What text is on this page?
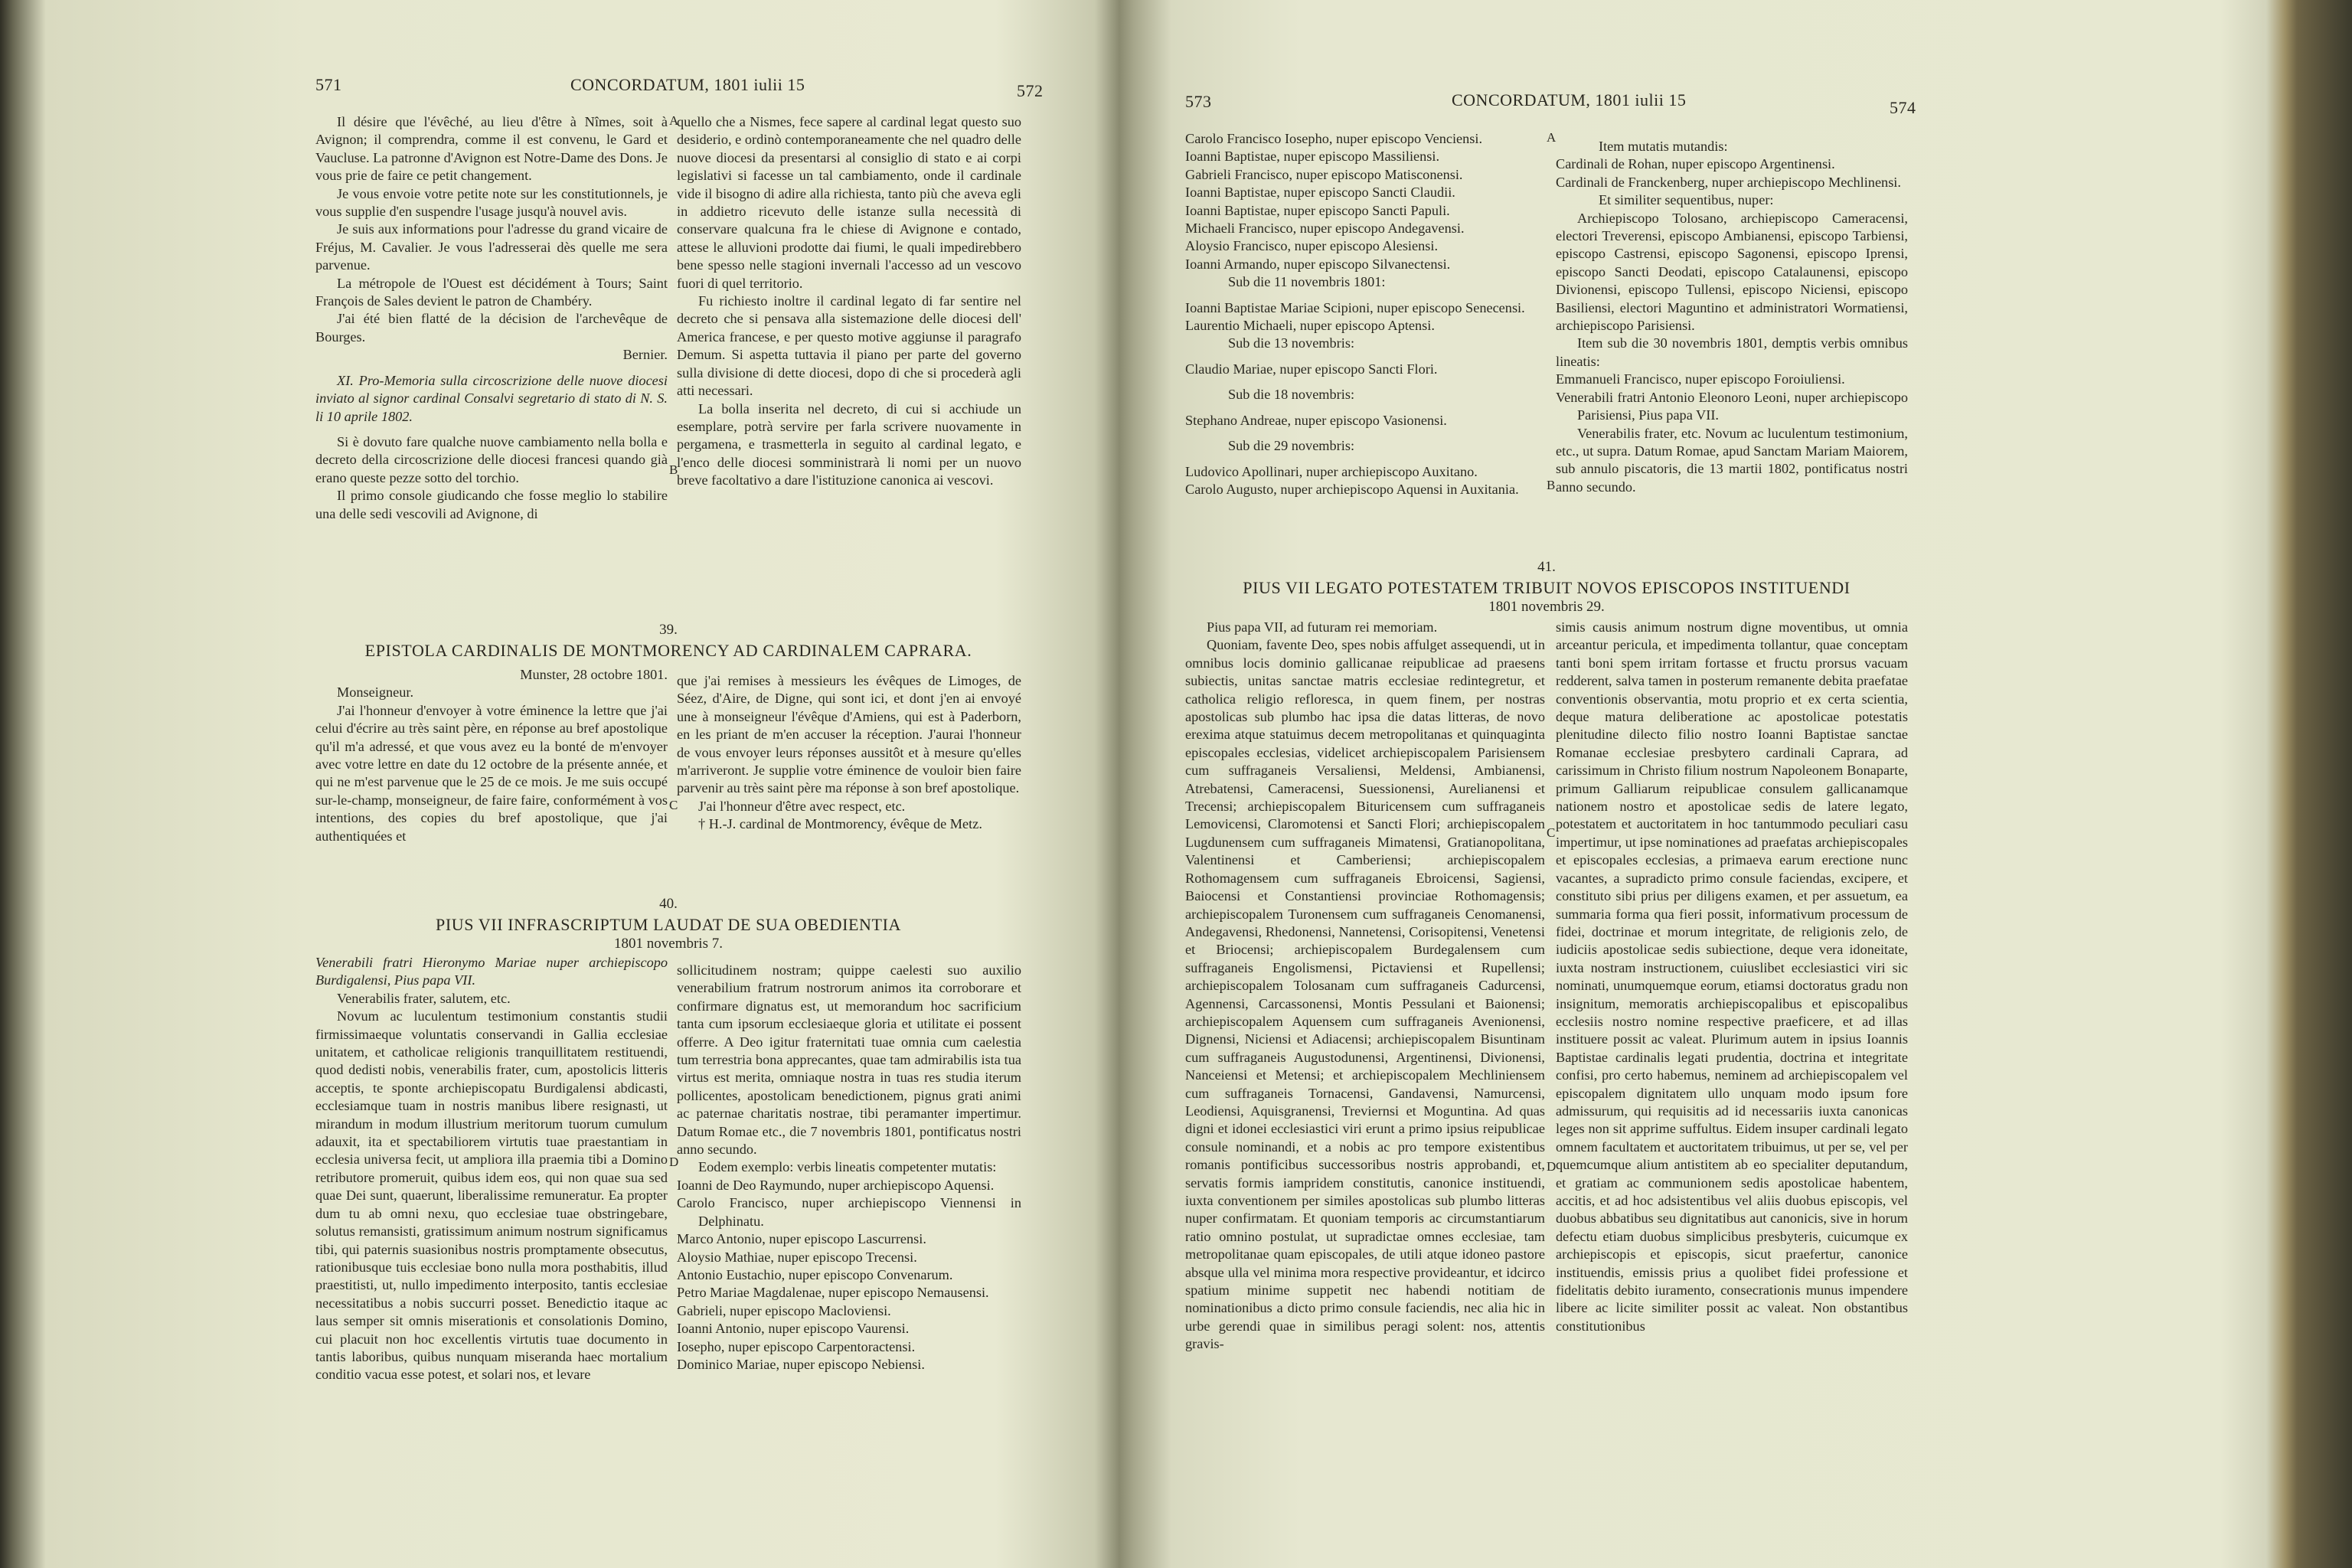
571	CONCORDATUM, 1801 iulii 15	572

Il désire que l'évêché, au lieu d'être à Nîmes, soit à Avignon; il comprendra, comme il est convenu, le Gard et Vaucluse. La patronne d'Avignon est Notre-Dame des Dons. Je vous prie de faire ce petit changement.

Je vous envoie votre petite note sur les constitutionnels, je vous supplie d'en suspendre l'usage jusqu'à nouvel avis.

Je suis aux informations pour l'adresse du grand vicaire de Fréjus, M. Cavalier. Je vous l'adresserai dès quelle me sera parvenue.

La métropole de l'Ouest est décidément à Tours; Saint François de Sales devient le patron de Chambéry.

J'ai été bien flatté de la décision de l'archevêque de Bourges.

Bernier.

XI. Pro-Memoria sulla circoscrizione delle nuove diocesi inviato al signor cardinal Consalvi segretario di stato di N. S. li 10 aprile 1802.

Si è dovuto fare qualche nuove cambiamento nella bolla e decreto della circoscrizione delle diocesi francesi quando già erano queste pezze sotto del torchio.

Il primo console giudicando che fosse meglio lo stabilire una delle sedi vescovili ad Avignone, di

quello che a Nismes, fece sapere al cardinal legat questo suo desiderio, e ordinò contemporaneamente che nel quadro delle nuove diocesi da presentarsi al consiglio di stato e ai corpi legislativi si facesse un tal cambiamento, onde il cardinale vide il bisogno di adire alla richiesta, tanto più che aveva egli in addietro ricevuto delle istanze sulla necessità di conservare qualcuna fra le chiese di Avignone e contado, attese le alluvioni prodotte dai fiumi, le quali impedirebbero bene spesso nelle stagioni invernali l'accesso ad un vescovo fuori di quel territorio.

Fu richiesto inoltre il cardinal legato di far sentire nel decreto che si pensava alla sistemazione delle diocesi dell' America francese, e per questo motive aggiunse il paragrafo Demum. Si aspetta tuttavia il piano per parte del governo sulla divisione di dette diocesi, dopo di che si procederà agli atti necessari.

La bolla inserita nel decreto, di cui si acchiude un esemplare, potrà servire per farla scrivere nuovamente in pergamena, e trasmetterla in seguito al cardinal legato, e l'enco delle diocesi somministrarà li nomi per un nuovo breve facoltativo a dare l'istituzione canonica ai vescovi.

39.
EPISTOLA CARDINALIS DE MONTMORENCY AD CARDINALEM CAPRARA.

Munster, 28 octobre 1801.

Monseigneur.

J'ai l'honneur d'envoyer à votre éminence la lettre que j'ai celui d'écrire au très saint père, en réponse au bref apostolique qu'il m'a adressé, et que vous avez eu la bonté de m'envoyer avec votre lettre en date du 12 octobre de la présente année, et qui ne m'est parvenue que le 25 de ce mois. Je me suis occupé sur-le-champ, monseigneur, de faire faire, conformément à vos intentions, des copies du bref apostolique, que j'ai authentiquées et

que j'ai remises à messieurs les évêques de Limoges, de Séez, d'Aire, de Digne, qui sont ici, et dont j'en ai envoyé une à monseigneur l'évêque d'Amiens, qui est à Paderborn, en les priant de m'en accuser la réception. J'aurai l'honneur de vous envoyer leurs réponses aussitôt et à mesure qu'elles m'arriveront. Je supplie votre éminence de vouloir bien faire parvenir au très saint père ma réponse à son bref apostolique.

J'ai l'honneur d'être avec respect, etc.

† H.-J. cardinal de Montmorency, évêque de Metz.

40.
PIUS VII INFRASCRIPTUM LAUDAT DE SUA OBEDIENTIA
1801 novembris 7.

Venerabili fratri Hieronymo Mariae nuper archiepiscopo Burdigalensi, Pius papa VII.

Venerabilis frater, salutem, etc.

Novum ac luculentum testimonium constantis studii firmissimaeque voluntatis conservandi in Gallia ecclesiae unitatem, et catholicae religionis tranquillitatem restituendi, quod dedisti nobis, venerabilis frater, cum, apostolicis litteris acceptis, te sponte archiepiscopatu Burdigalensi abdicasti, ecclesiamque tuam in nostris manibus libere resignasti, ut mirandum in modum illustrium meritorum tuorum cumulum adauxit, ita et spectabiliorem virtutis tuae praestantiam in ecclesia universa fecit, ut ampliora illa praemia tibi a Domino retributore promeruit, quibus idem eos, qui non quae sua sed quae Dei sunt, quaerunt, liberalissime remuneratur. Ea propter dum tu ab omni nexu, quo ecclesiae tuae obstringebare, solutus remansisti, gratissimum animum nostrum significamus tibi, qui paternis suasionibus nostris promptamente obsecutus, rationibusque tuis ecclesiae bono nulla mora posthabitis, illud praestitisti, ut, nullo impedimento interposito, tantis ecclesiae necessitatibus a nobis succurri posset. Benedictio itaque ac laus semper sit omnis miserationis et consolationis Domino, cui placuit non hoc excellentis virtutis tuae documento in tantis laboribus, quibus nunquam miseranda haec mortalium conditio vacua esse potest, et solari nos, et levare

sollicitudinem nostram; quippe caelesti suo auxilio venerabilium fratrum nostrorum animos ita corroborare et confirmare dignatus est, ut memorandum hoc sacrificium tanta cum ipsorum ecclesiaeque gloria et utilitate ei possent offerre. A Deo igitur fraternitati tuae omnia cum caelestia tum terrestria bona apprecantes, quae tam admirabilis ista tua virtus est merita, omniaque nostra in tuas res studia iterum pollicentes, apostolicam benedictionem, pignus grati animi ac paternae charitatis nostrae, tibi peramanter impertimur. Datum Romae etc., die 7 novembris 1801, pontificatus nostri anno secundo.

Eodem exemplo: verbis lineatis competenter mutatis:

Ioanni de Deo Raymundo, nuper archiepiscopo Aquensi.

Carolo Francisco, nuper archiepiscopo Viennensi in Delphinatu.

Marco Antonio, nuper episcopo Lascurrensi.

Aloysio Mathiae, nuper episcopo Trecensi.

Antonio Eustachio, nuper episcopo Convenarum.

Petro Mariae Magdalenae, nuper episcopo Nemausensi.

Gabrieli, nuper episcopo Macloviensi.

Ioanni Antonio, nuper episcopo Vaurensi.

Iosepho, nuper episcopo Carpentoractensi.

Dominico Mariae, nuper episcopo Nebiensi.

A
B
C
D
573	CONCORDATUM, 1801 iulii 15	574

Carolo Francisco Iosepho, nuper episcopo Venciensi.

Ioanni Baptistae, nuper episcopo Massiliensi.

Gabrieli Francisco, nuper episcopo Matisconensi.

Ioanni Baptistae, nuper episcopo Sancti Claudii.

Ioanni Baptistae, nuper episcopo Sancti Papuli.

Michaeli Francisco, nuper episcopo Andegavensi.

Aloysio Francisco, nuper episcopo Alesiensi.

Ioanni Armando, nuper episcopo Silvanectensi.

Sub die 11 novembris 1801:

Ioanni Baptistae Mariae Scipioni, nuper episcopo Senecensi.

Laurentio Michaeli, nuper episcopo Aptensi.

Sub die 13 novembris:

Claudio Mariae, nuper episcopo Sancti Flori.

Sub die 18 novembris:

Stephano Andreae, nuper episcopo Vasionensi.

Sub die 29 novembris:

Ludovico Apollinari, nuper archiepiscopo Auxitano.

Carolo Augusto, nuper archiepiscopo Aquensi in Auxitania.

Item mutatis mutandis:

Cardinali de Rohan, nuper episcopo Argentinensi.

Cardinali de Franckenberg, nuper archiepiscopo Mechlinensi.

Et similiter sequentibus, nuper:

Archiepiscopo Tolosano, archiepiscopo Cameracensi, electori Treverensi, episcopo Ambianensi, episcopo Tarbiensi, episcopo Castrensi, episcopo Sagonensi, episcopo Iprensi, episcopo Sancti Deodati, episcopo Catalaunensi, episcopo Divionensi, episcopo Tullensi, episcopo Niciensi, episcopo Basiliensi, electori Maguntino et administratori Wormatiensi, archiepiscopo Parisiensi.

Item sub die 30 novembris 1801, demptis verbis omnibus lineatis:

Emmanueli Francisco, nuper episcopo Foroiuliensi.

Venerabili fratri Antonio Eleonoro Leoni, nuper archiepiscopo Parisiensi, Pius papa VII.

Venerabilis frater, etc. Novum ac luculentum testimonium, etc., ut supra. Datum Romae, apud Sanctam Mariam Maiorem, sub annulo piscatoris, die 13 martii 1802, pontificatus nostri anno secundo.

41.
PIUS VII LEGATO POTESTATEM TRIBUIT NOVOS EPISCOPOS INSTITUENDI
1801 novembris 29.

Pius papa VII, ad futuram rei memoriam.

Quoniam, favente Deo, spes nobis affulget assequendi, ut in omnibus locis dominio gallicanae reipublicae ad praesens subiectis, unitas sanctae matris ecclesiae redintegretur, et catholica religio refloresca, in quem finem, per nostras apostolicas sub plumbo hac ipsa die datas litteras, de novo erexima atque statuimus decem metropolitanas et quinquaginta episcopales ecclesias, videlicet archiepiscopalem Parisiensem cum suffraganeis Versaliensi, Meldensi, Ambianensi, Atrebatensi, Cameracensi, Suessionensi, Aurelianensi et Trecensi; archiepiscopalem Bituricensem cum suffraganeis Lemovicensi, Claromotensi et Sancti Flori; archiepiscopalem Lugdunensem cum suffraganeis Mimatensi, Gratianopolitana, Valentinensi et Camberiensi; archiepiscopalem Rothomagensem cum suffraganeis Ebroicensi, Sagiensi, Baiocensi et Constantiensi provinciae Rothomagensis; archiepiscopalem Turonensem cum suffraganeis Cenomanensi, Andegavensi, Rhedonensi, Nannetensi, Corisopitensi, Venetensi et Briocensi; archiepiscopalem Burdegalensem cum suffraganeis Engolismensi, Pictaviensi et Rupellensi; archiepiscopalem Tolosanam cum suffraganeis Cadurcensi, Agennensi, Carcassonensi, Montis Pessulani et Baionensi; archiepiscopalem Aquensem cum suffraganeis Avenionensi, Dignensi, Niciensi et Adiacensi; archiepiscopalem Bisuntinam cum suffraganeis Augustodunensi, Argentinensi, Divionensi, Nanceiensi et Metensi; et archiepiscopalem Mechliniensem cum suffraganeis Tornacensi, Gandavensi, Namurcensi, Leodiensi, Aquisgranensi, Treviernsi et Moguntina. Ad quas digni et idonei ecclesiastici viri erunt a primo ipsius reipublicae consule nominandi, et a nobis ac pro tempore existentibus romanis pontificibus successoribus nostris approbandi, et, servatis formis iampridem constitutis, canonice instituendi, iuxta conventionem per similes apostolicas sub plumbo litteras nuper confirmatam. Et quoniam temporis ac circumstantiarum ratio omnino postulat, ut supradictae omnes ecclesiae, tam metropolitanae quam episcopales, de utili atque idoneo pastore absque ulla vel minima mora respective provideantur, et idcirco spatium minime suppetit nec habendi notitiam de nominationibus a dicto primo consule faciendis, nec alia hic in urbe gerendi quae in similibus peragi solent: nos, attentis gravis-

simis causis animum nostrum digne moventibus, ut omnia arceantur pericula, et impedimenta tollantur, quae conceptam tanti boni spem irritam fortasse et fructu prorsus vacuam redderent, salva tamen in posterum remanente debita praefatae conventionis observantia, motu proprio et ex certa scientia, deque matura deliberatione ac apostolicae potestatis plenitudine dilecto filio nostro Ioanni Baptistae sanctae Romanae ecclesiae presbytero cardinali Caprara, ad carissimum in Christo filium nostrum Napoleonem Bonaparte, primum Galliarum reipublicae consulem gallicanamque nationem nostro et apostolicae sedis de latere legato, potestatem et auctoritatem in hoc tantummodo peculiari casu impertimur, ut ipse nominationes ad praefatas archiepiscopales et episcopales ecclesias, a primaeva earum erectione nunc vacantes, a supradicto primo consule faciendas, excipere, et constituto sibi prius per diligens examen, et per assuetum, ea summaria forma qua fieri possit, informativum processum de fidei, doctrinae et morum integritate, de religionis zelo, de iudiciis apostolicae sedis subiectione, deque vera idoneitate, iuxta nostram instructionem, cuiuslibet ecclesiastici viri sic nominati, unumquemque eorum, etiamsi doctoratus gradu non insignitum, memoratis archiepiscopalibus et episcopalibus ecclesiis nostro nomine respective praeficere, et ad illas instituere possit ac valeat. Plurimum autem in ipsius Ioannis Baptistae cardinalis legati prudentia, doctrina et integritate confisi, pro certo habemus, neminem ad archiepiscopalem vel episcopalem dignitatem ullo unquam modo ipsum fore admissurum, qui requisitis ad id necessariis iuxta canonicas leges non sit apprime suffultus. Eidem insuper cardinali legato omnem facultatem et auctoritatem tribuimus, ut per se, vel per quemcumque alium antistitem ab eo specialiter deputandum, et gratiam ac communionem sedis apostolicae habentem, accitis, et ad hoc adsistentibus vel aliis duobus episcopis, vel duobus abbatibus seu dignitatibus aut canonicis, sive in horum defectu etiam duobus simplicibus presbyteris, cuicumque ex archiepiscopis et episcopis, sicut praefertur, canonice instituendis, emissis prius a quolibet fidei professione et fidelitatis debito iuramento, consecrationis munus impendere libere ac licite similiter possit ac valeat. Non obstantibus constitutionibus

A
B
C
D
